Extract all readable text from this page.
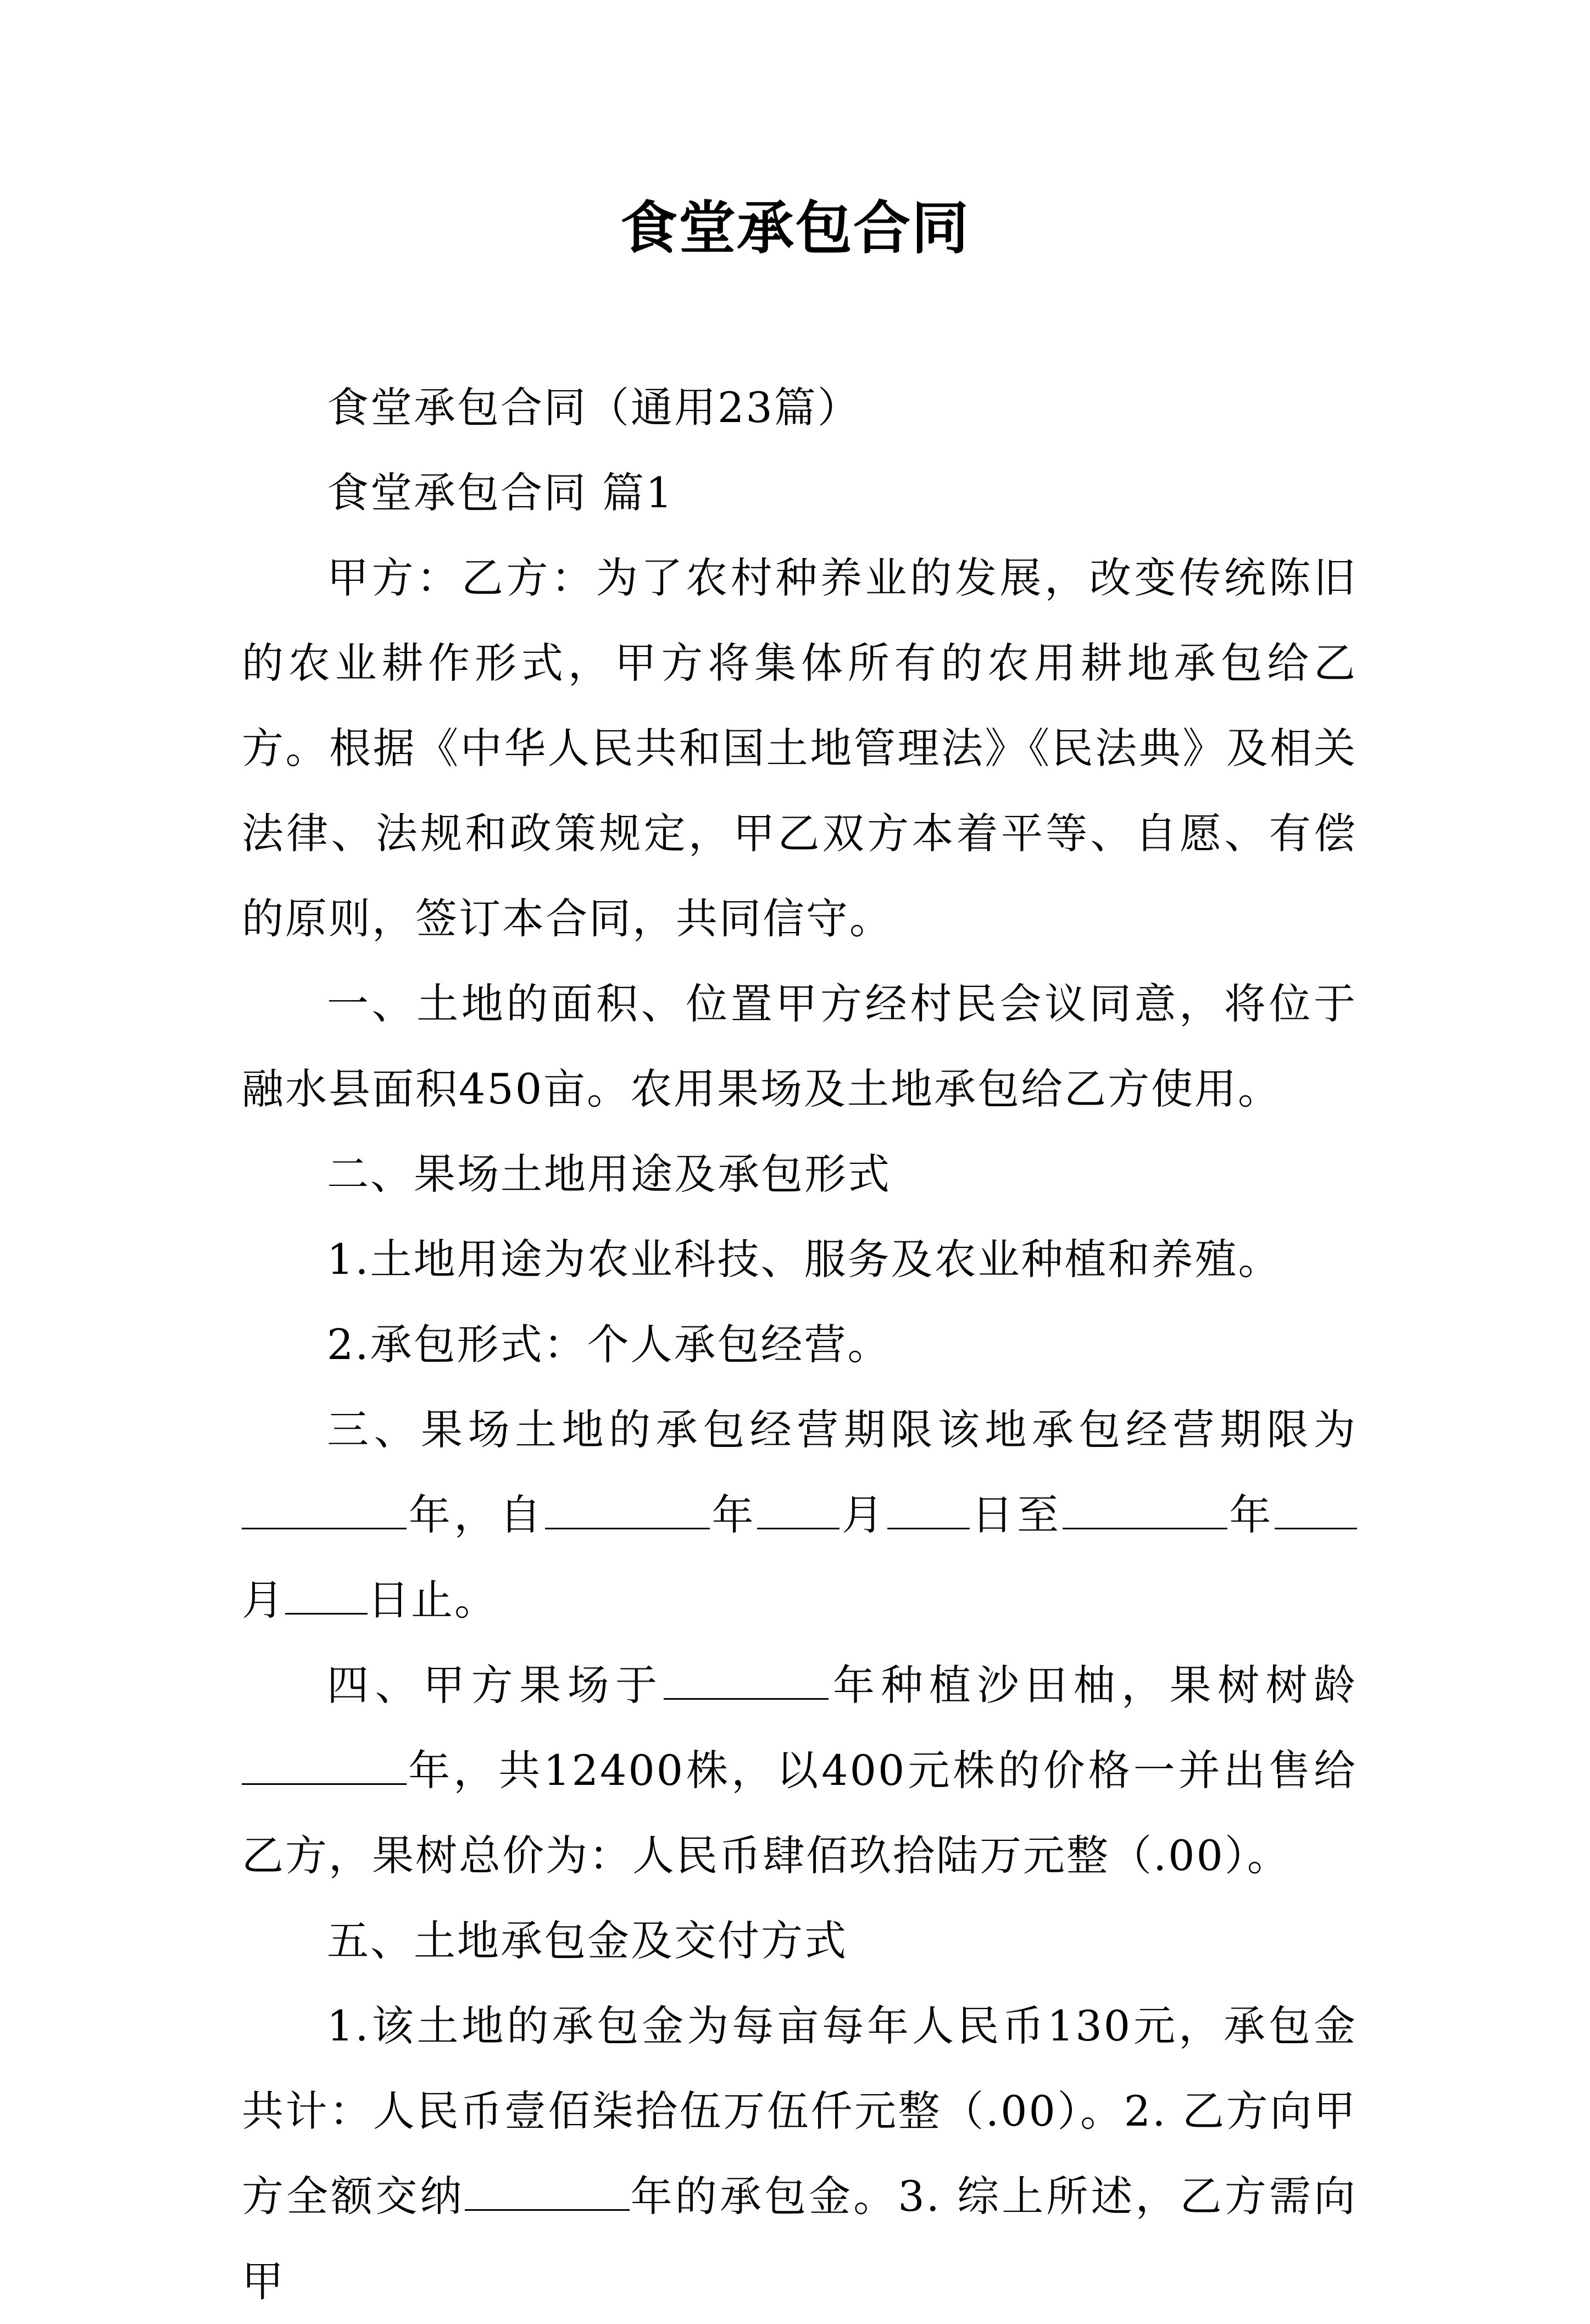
食堂承包合同

食堂承包合同（通用23篇）

食堂承包合同 篇1

甲方：乙方：为了农村种养业的发展，改变传统陈旧的农业耕作形式，甲方将集体所有的农用耕地承包给乙方。根据《中华人民共和国土地管理法》《民法典》及相关法律、法规和政策规定，甲乙双方本着平等、自愿、有偿的原则，签订本合同，共同信守。

一、土地的面积、位置甲方经村民会议同意，将位于融水县面积450亩。农用果场及土地承包给乙方使用。

二、果场土地用途及承包形式

1.土地用途为农业科技、服务及农业种植和养殖。

2.承包形式：个人承包经营。

三、果场土地的承包经营期限该地承包经营期限为年，自	年 月 日至	年月 日止。

四、甲方果场于	年种植沙田柚，果树树龄年，共12400株，以400元株的价格一并出售给乙方，果树总价为：人民币肆佰玖拾陆万元整（.00）。

五、土地承包金及交付方式

1.该土地的承包金为每亩每年人民币130元，承包金共计：人民币壹佰柒拾伍万伍仟元整（.00）。2. 乙方向甲方全额交纳	年的承包金。3. 综上所述，乙方需向甲
